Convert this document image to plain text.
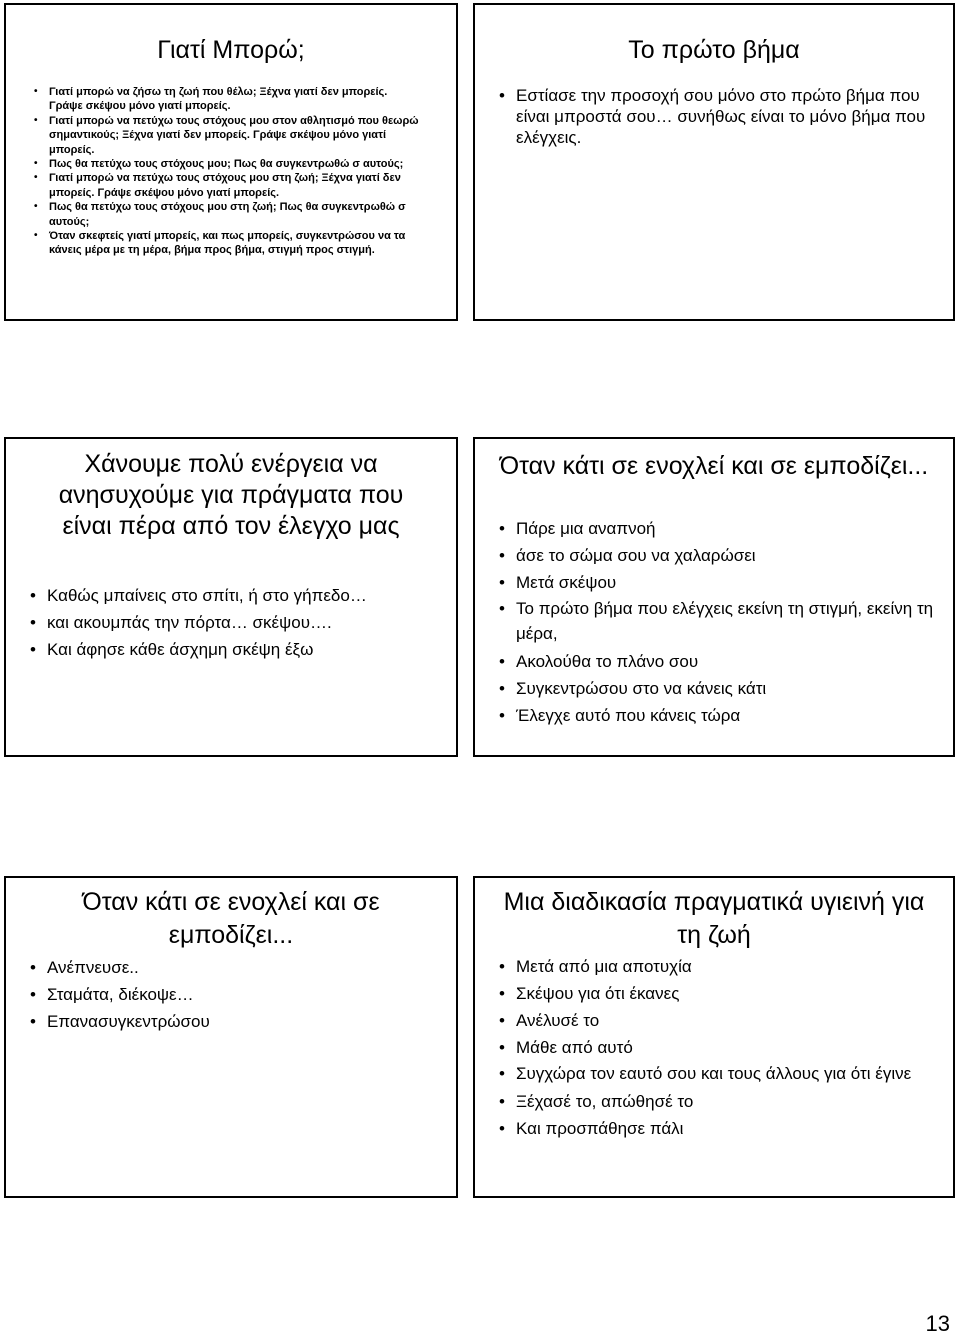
Γιατί Μπορώ;
• Γιατί μπορώ να ζήσω τη ζωή που θέλω; Ξέχνα γιατί δεν μπορείς. Γράψε σκέψου μόνο γιατί μπορείς.
• Γιατί μπορώ να πετύχω τους στόχους μου στον αθλητισμό που θεωρώ σημαντικούς; Ξέχνα γιατί δεν μπορείς. Γράψε σκέψου μόνο γιατί μπορείς.
• Πως θα πετύχω τους στόχους μου; Πως θα συγκεντρωθώ σ αυτούς;
• Γιατί μπορώ να πετύχω τους στόχους μου στη ζωή; Ξέχνα γιατί δεν μπορείς. Γράψε σκέψου μόνο γιατί μπορείς.
• Πως θα πετύχω τους στόχους μου στη ζωή; Πως θα συγκεντρωθώ σ αυτούς;
• Όταν σκεφτείς γιατί μπορείς, και πως μπορείς, συγκεντρώσου να τα κάνεις μέρα με τη μέρα, βήμα προς βήμα, στιγμή προς στιγμή.
Το πρώτο βήμα
• Εστίασε την προσοχή σου μόνο στο πρώτο βήμα που είναι μπροστά σου… συνήθως είναι το μόνο βήμα που ελέγχεις.
Χάνουμε πολύ ενέργεια να ανησυχούμε για πράγματα που είναι πέρα από τον έλεγχο μας
• Καθώς μπαίνεις στο σπίτι, ή στο γήπεδο…
• και ακουμπάς την πόρτα… σκέψου….
• Και άφησε κάθε άσχημη σκέψη έξω
Όταν κάτι σε ενοχλεί και σε εμποδίζει...
• Πάρε μια αναπνοή
• άσε το σώμα σου να χαλαρώσει
• Μετά σκέψου
• Το πρώτο βήμα που ελέγχεις εκείνη τη στιγμή, εκείνη τη μέρα,
• Ακολούθα το πλάνο σου
• Συγκεντρώσου στο να κάνεις κάτι
• Έλεγχε αυτό που κάνεις τώρα
Όταν κάτι σε ενοχλεί και σε εμποδίζει...
• Ανέπνευσε..
• Σταμάτα, διέκοψε…
• Επανασυγκεντρώσου
Μια διαδικασία πραγματικά υγιεινή για τη ζωή
• Μετά από μια αποτυχία
• Σκέψου για ότι έκανες
• Ανέλυσέ το
• Μάθε από αυτό
• Συγχώρα τον εαυτό σου και τους άλλους για ότι έγινε
• Ξέχασέ το, απώθησέ το
• Και προσπάθησε πάλι
13
